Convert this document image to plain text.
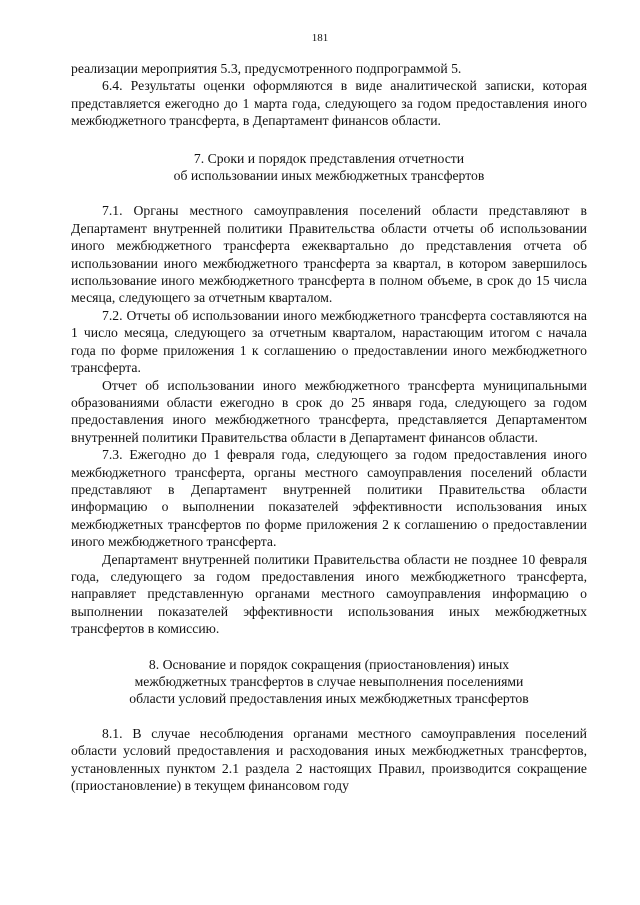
181

реализации мероприятия 5.3, предусмотренного подпрограммой 5.

6.4. Результаты оценки оформляются в виде аналитической записки, которая представляется ежегодно до 1 марта года, следующего за годом предоставления иного межбюджетного трансферта, в Департамент финансов области.

7. Сроки и порядок представления отчетности
об использовании иных межбюджетных трансфертов

7.1. Органы местного самоуправления поселений области представляют в Департамент внутренней политики Правительства области отчеты об использовании иного межбюджетного трансферта ежеквартально до представления отчета об использовании иного межбюджетного трансферта за квартал, в котором завершилось использование иного межбюджетного трансферта в полном объеме, в срок до 15 числа месяца, следующего за отчетным кварталом.

7.2. Отчеты об использовании иного межбюджетного трансферта составляются на 1 число месяца, следующего за отчетным кварталом, нарастающим итогом с начала года по форме приложения 1 к соглашению о предоставлении иного межбюджетного трансферта.

Отчет об использовании иного межбюджетного трансферта муниципальными образованиями области ежегодно в срок до 25 января года, следующего за годом предоставления иного межбюджетного трансферта, представляется Департаментом внутренней политики Правительства области в Департамент финансов области.

7.3. Ежегодно до 1 февраля года, следующего за годом предоставления иного межбюджетного трансферта, органы местного самоуправления поселений области представляют в Департамент внутренней политики Правительства области информацию о выполнении показателей эффективности использования иных межбюджетных трансфертов по форме приложения 2 к соглашению о предоставлении иного межбюджетного трансферта.

Департамент внутренней политики Правительства области не позднее 10 февраля года, следующего за годом предоставления иного межбюджетного трансферта, направляет представленную органами местного самоуправления информацию о выполнении показателей эффективности использования иных межбюджетных трансфертов в комиссию.

8. Основание и порядок сокращения (приостановления) иных
межбюджетных трансфертов в случае невыполнения поселениями
области условий предоставления иных межбюджетных трансфертов

8.1. В случае несоблюдения органами местного самоуправления поселений области условий предоставления и расходования иных межбюджетных трансфертов, установленных пунктом 2.1 раздела 2 настоящих Правил, производится сокращение (приостановление) в текущем финансовом году
